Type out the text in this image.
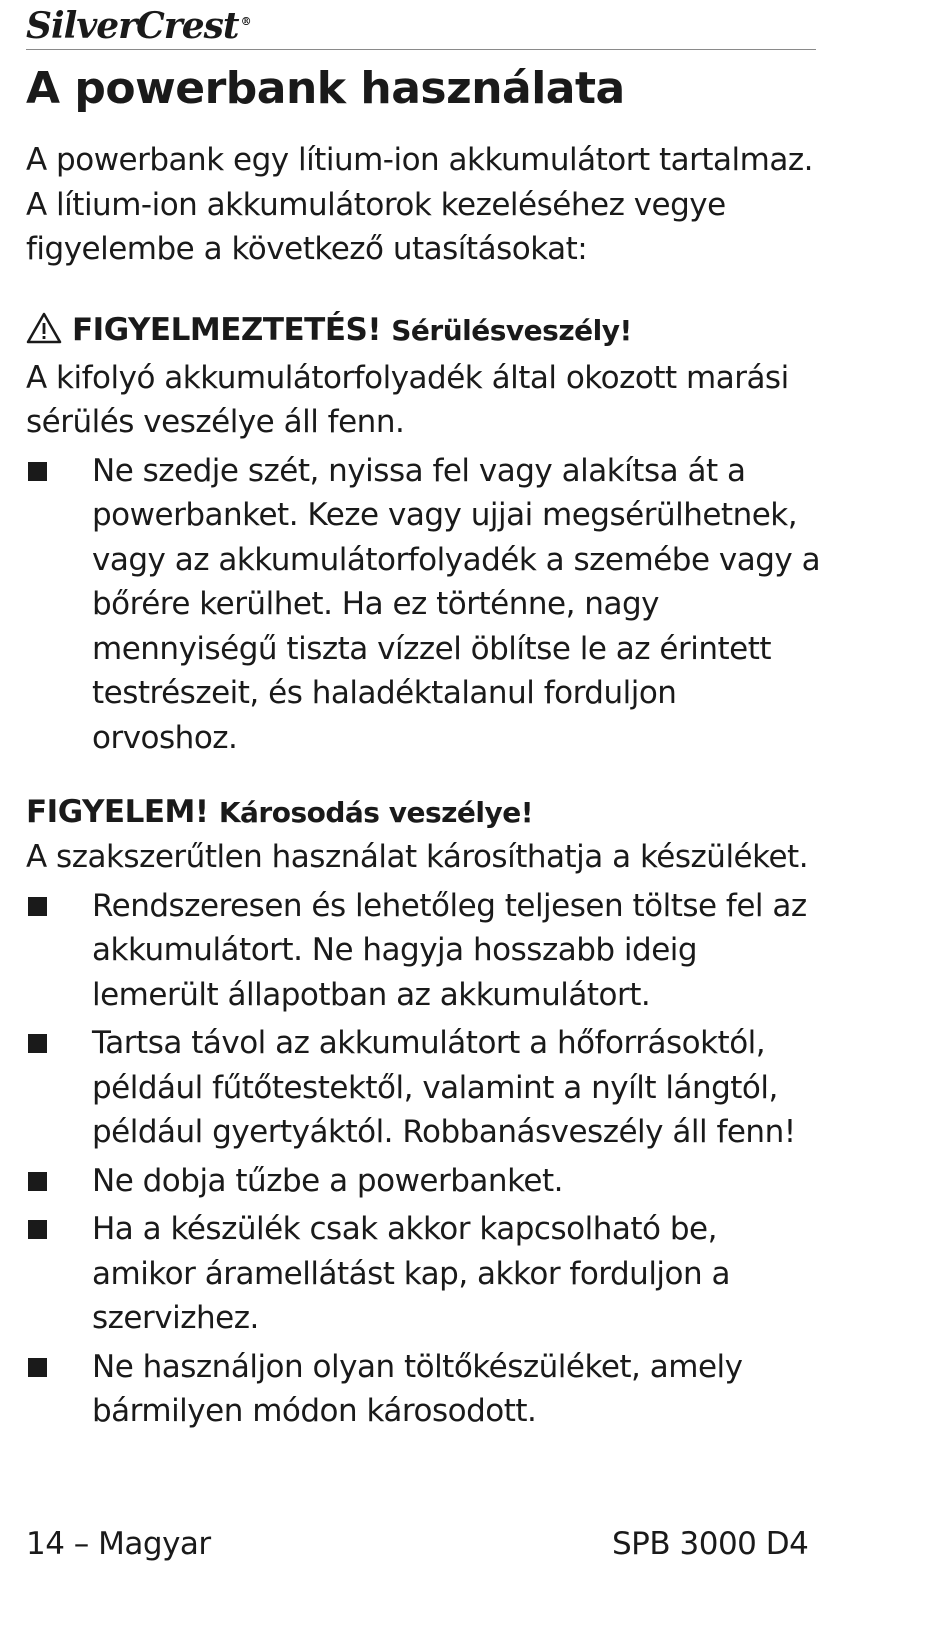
SilverCrest ®
A powerbank használata

A powerbank egy lítium-ion akkumulátort tartalmaz. A lítium-ion akkumulátorok kezeléséhez vegye figyelembe a következő utasításokat:

FIGYELMEZTETÉS! Sérülésveszély!

A kifolyó akkumulátorfolyadék által okozott marási sérülés veszélye áll fenn.

Ne szedje szét, nyissa fel vagy alakítsa át a powerbanket. Keze vagy ujjai megsérülhetnek, vagy az akkumulátorfolyadék a szemébe vagy a bőrére kerülhet. Ha ez történne, nagy mennyiségű tiszta vízzel öblítse le az érintett testrészeit, és haladéktalanul forduljon orvoshoz.
FIGYELEM! Károsodás veszélye!

A szakszerűtlen használat károsíthatja a készüléket.

Rendszeresen és lehetőleg teljesen töltse fel az akkumulátort. Ne hagyja hosszabb ideig lemerült állapotban az akkumulátort.
Tartsa távol az akkumulátort a hőforrásoktól, például fűtőtestektől, valamint a nyílt lángtól, például gyertyáktól. Robbanásveszély áll fenn!
Ne dobja tűzbe a powerbanket.
Ha a készülék csak akkor kapcsolható be, amikor áramellátást kap, akkor forduljon a szervizhez.
Ne használjon olyan töltőkészüléket, amely bármilyen módon károsodott.
14 – Magyar	SPB 3000 D4
